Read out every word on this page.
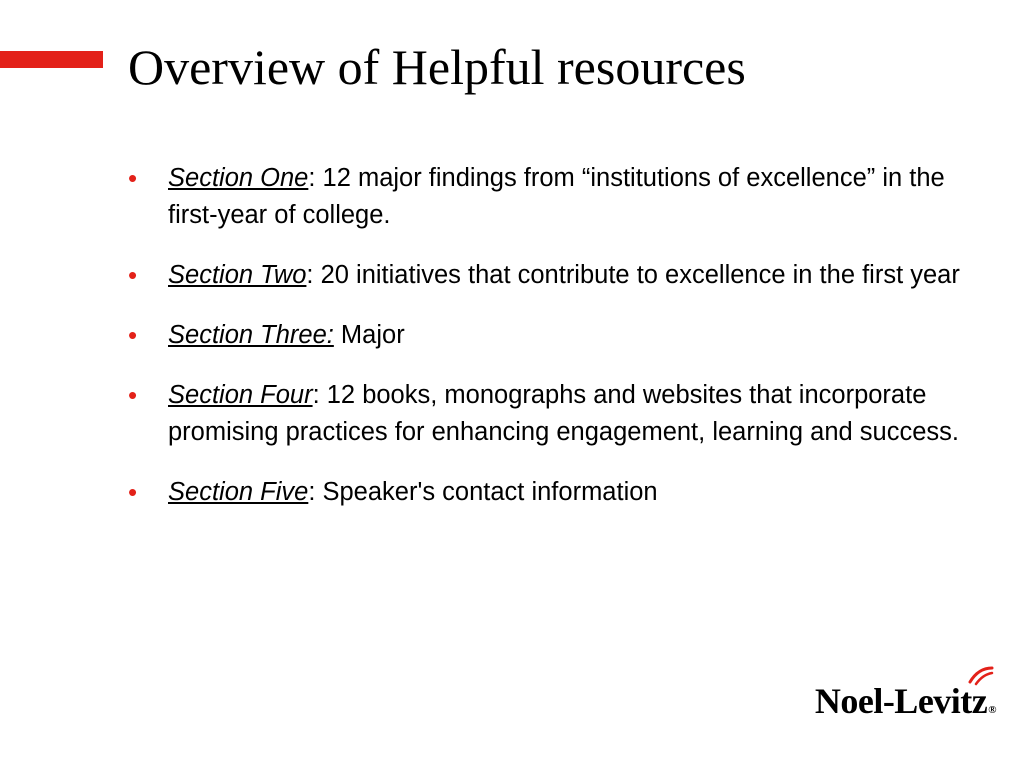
Overview of Helpful resources
• Section One: 12 major findings from “institutions of excellence” in the first-year of college.
• Section Two: 20 initiatives that contribute to excellence in the first year
• Section Three: Major
• Section Four: 12 books, monographs and websites that incorporate promising practices for enhancing engagement, learning and success.
• Section Five: Speaker's contact information
Noel-Levitz®
